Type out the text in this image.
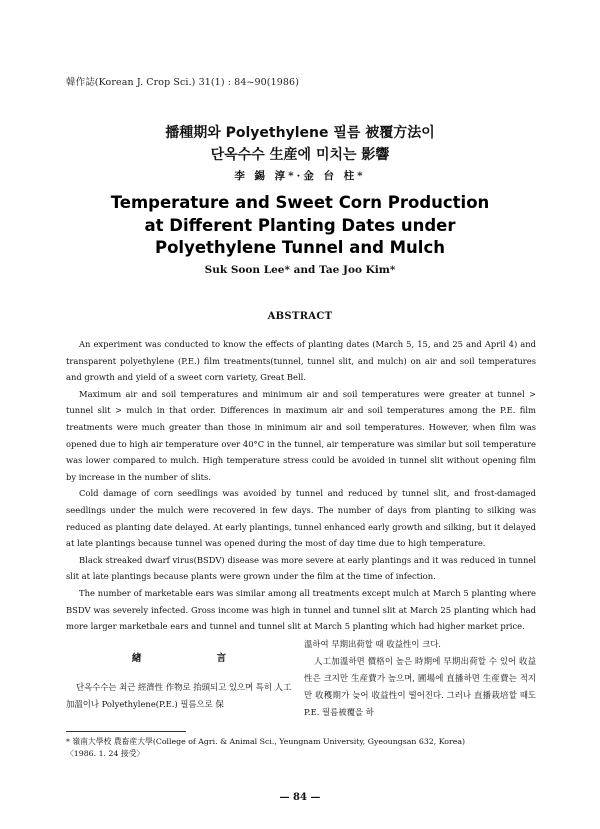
韓作誌(Korean J. Crop Sci.) 31(1) : 84~90(1986)
播種期와 Polyethylene 필름 被覆方法이
단옥수수 生産에 미치는 影響
李 錫 淳*·金 台 柱*
Temperature and Sweet Corn Production
at Different Planting Dates under
Polyethylene Tunnel and Mulch
Suk Soon Lee* and Tae Joo Kim*
ABSTRACT

An experiment was conducted to know the effects of planting dates (March 5, 15, and 25 and April 4) and transparent polyethylene (P.E.) film treatments(tunnel, tunnel slit, and mulch) on air and soil temperatures and growth and yield of a sweet corn variety, Great Bell.

Maximum air and soil temperatures and minimum air and soil temperatures were greater at tunnel > tunnel slit > mulch in that order. Differences in maximum air and soil temperatures among the P.E. film treatments were much greater than those in minimum air and soil temperatures. However, when film was opened due to high air temperature over 40°C in the tunnel, air temperature was similar but soil temperature was lower compared to mulch. High temperature stress could be avoided in tunnel slit without opening film by increase in the number of slits.

Cold damage of corn seedlings was avoided by tunnel and reduced by tunnel slit, and frost-damaged seedlings under the mulch were recovered in few days. The number of days from planting to silking was reduced as planting date delayed. At early plantings, tunnel enhanced early growth and silking, but it delayed at late plantings because tunnel was opened during the most of day time due to high temperature.

Black streaked dwarf virus(BSDV) disease was more severe at early plantings and it was reduced in tunnel slit at late plantings because plants were grown under the film at the time of infection.

The number of marketable ears was similar among all treatments except mulch at March 5 planting where BSDV was severely infected. Gross income was high in tunnel and tunnel slit at March 25 planting which had more larger marketbale ears and tunnel and tunnel slit at March 5 planting which had higher market price.

緖 言

단옥수수는 최근 經濟性 作物로 抬頭되고 있으며 특히 人工加溫이나 Polyethylene(P.E.) 필름으로 保

溫하여 早期出荷할 때 收益性이 크다.

人工加溫하면 價格이 높은 時期에 早期出荷할 수 있어 收益性은 크지만 生産費가 높으며, 圃場에 直播하면 生産費는 적지만 收穫期가 늦어 收益性이 떨어진다. 그러나 直播栽培할 때도 P.E. 필름被覆을 하

* 嶺南大學校 農畜産大學(College of Agri. & Animal Sci., Yeungnam University, Gyeoungsan 632, Korea)
〈1986. 1. 24 接受〉
— 84 —
